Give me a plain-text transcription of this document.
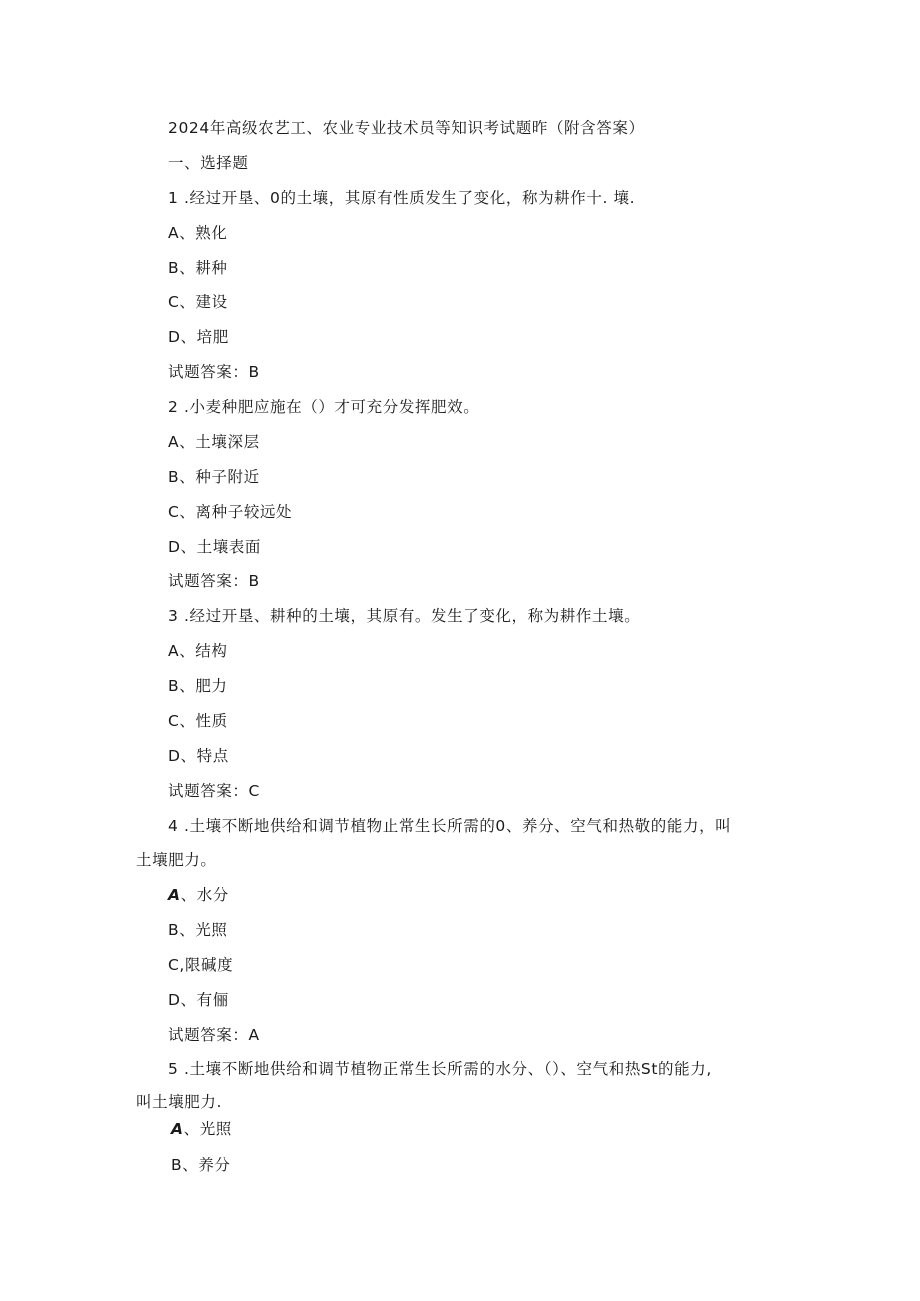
2024年高级农艺工、农业专业技术员等知识考试题昨（附含答案）
一、选择题
1 .经过开垦、0的土壤，其原有性质发生了变化，称为耕作十. 壤.
A、熟化
B、耕种
C、建设
D、培肥
试题答案：B
2 .小麦种肥应施在（）才可充分发挥肥效。
A、土壤深层
B、种子附近
C、离种子较远处
D、土壤表面
试题答案：B
3 .经过开垦、耕种的土壤，其原有。发生了变化，称为耕作土壤。
A、结构
B、肥力
C、性质
D、特点
试题答案：C
4 .土壤不断地供给和调节植物止常生长所需的0、养分、空气和热敬的能力，叫
土壤肥力。
A、水分
B、光照
C,限碱度
D、有俪
试题答案：A
5 .土壤不断地供给和调节植物正常生长所需的水分、（）、空气和热St的能力,
叫土壤肥力.
A、光照
B、养分
